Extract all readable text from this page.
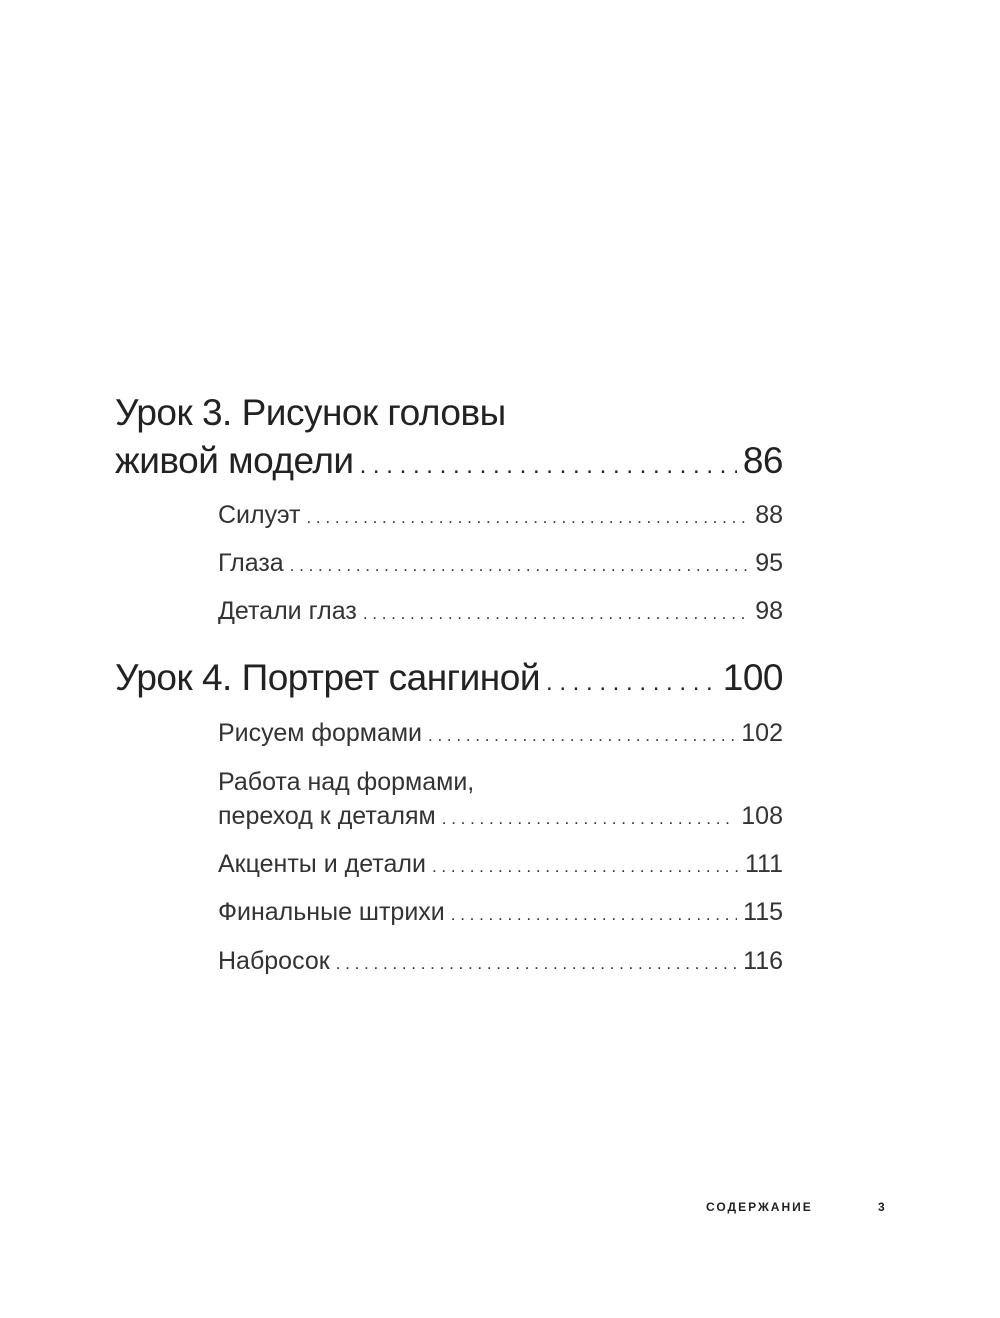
Урок 3. Рисунок головы
живой модели . . .	86
Силуэт . . .	88
Глаза . . .	95
Детали глаз . . .	98
Урок 4. Портрет сангиной . . .	100
Рисуем формами . . .	102
Работа над формами,
переход к деталям . . .	108
Акценты и детали . . .	111
Финальные штрихи . . .	115
Набросок . . .	116
СОДЕРЖАНИЕ	3
